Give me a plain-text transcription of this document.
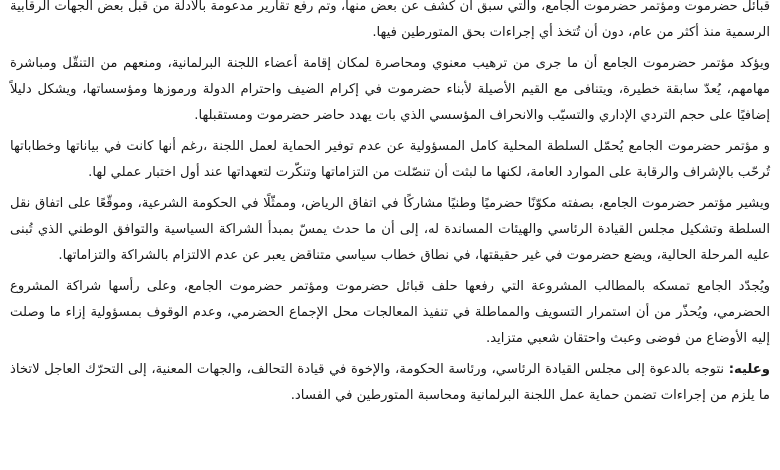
قبائل حضرموت ومؤتمر حضرموت الجامع، والتي سبق أن كُشف عن بعض منها، وتم رفع تقارير مدعومة بالأدلة من قبل بعض الجهات الرقابية الرسمية منذ أكثر من عام، دون أن تُتخذ أي إجراءات بحق المتورطين فيها.

ويؤكد مؤتمر حضرموت الجامع أن ما جرى من ترهيب معنوي ومحاصرة لمكان إقامة أعضاء اللجنة البرلمانية، ومنعهم من التنقّل ومباشرة مهامهم، يُعدّ سابقة خطيرة، ويتنافى مع القيم الأصيلة لأبناء حضرموت في إكرام الضيف واحترام الدولة ورموزها ومؤسساتها، ويشكل دليلاً إضافيًا على حجم التردي الإداري والتسيّب والانحراف المؤسسي الذي بات يهدد حاضر حضرموت ومستقبلها.

و مؤتمر حضرموت الجامع يُحمّل السلطة المحلية كامل المسؤولية عن عدم توفير الحماية لعمل اللجنة ،رغم أنها كانت في بياناتها وخطاباتها تُرحّب بالإشراف والرقابة على الموارد العامة، لكنها ما لبثت أن تنصّلت من التزاماتها وتنكّرت لتعهداتها عند أول اختبار عملي لها.

ويشير مؤتمر حضرموت الجامع، بصفته مكوّنًا حضرميًا وطنيًا مشاركًا في اتفاق الرياض، وممثّلًا في الحكومة الشرعية، وموقّعًا على اتفاق نقل السلطة وتشكيل مجلس القيادة الرئاسي والهيئات المساندة له، إلى أن ما حدث يمسّ بمبدأ الشراكة السياسية والتوافق الوطني الذي تُبنى عليه المرحلة الحالية، ويضع حضرموت في غير حقيقتها، في نطاق خطاب سياسي متناقض يعبر عن عدم الالتزام بالشراكة والتزاماتها.

ويُجدّد الجامع تمسكه بالمطالب المشروعة التي رفعها حلف قبائل حضرموت ومؤتمر حضرموت الجامع، وعلى رأسها شراكة المشروع الحضرمي، ويُحذّر من أن استمرار التسويف والمماطلة في تنفيذ المعالجات محل الإجماع الحضرمي، وعدم الوقوف بمسؤولية إزاء ما وصلت إليه الأوضاع من فوضى وعبث واحتقان شعبي متزايد.

وعليه: نتوجه بالدعوة إلى مجلس القيادة الرئاسي، ورئاسة الحكومة، والإخوة في قيادة التحالف، والجهات المعنية، إلى التحرّك العاجل لاتخاذ ما يلزم من إجراءات تضمن حماية عمل اللجنة البرلمانية ومحاسبة المتورطين في الفساد.
